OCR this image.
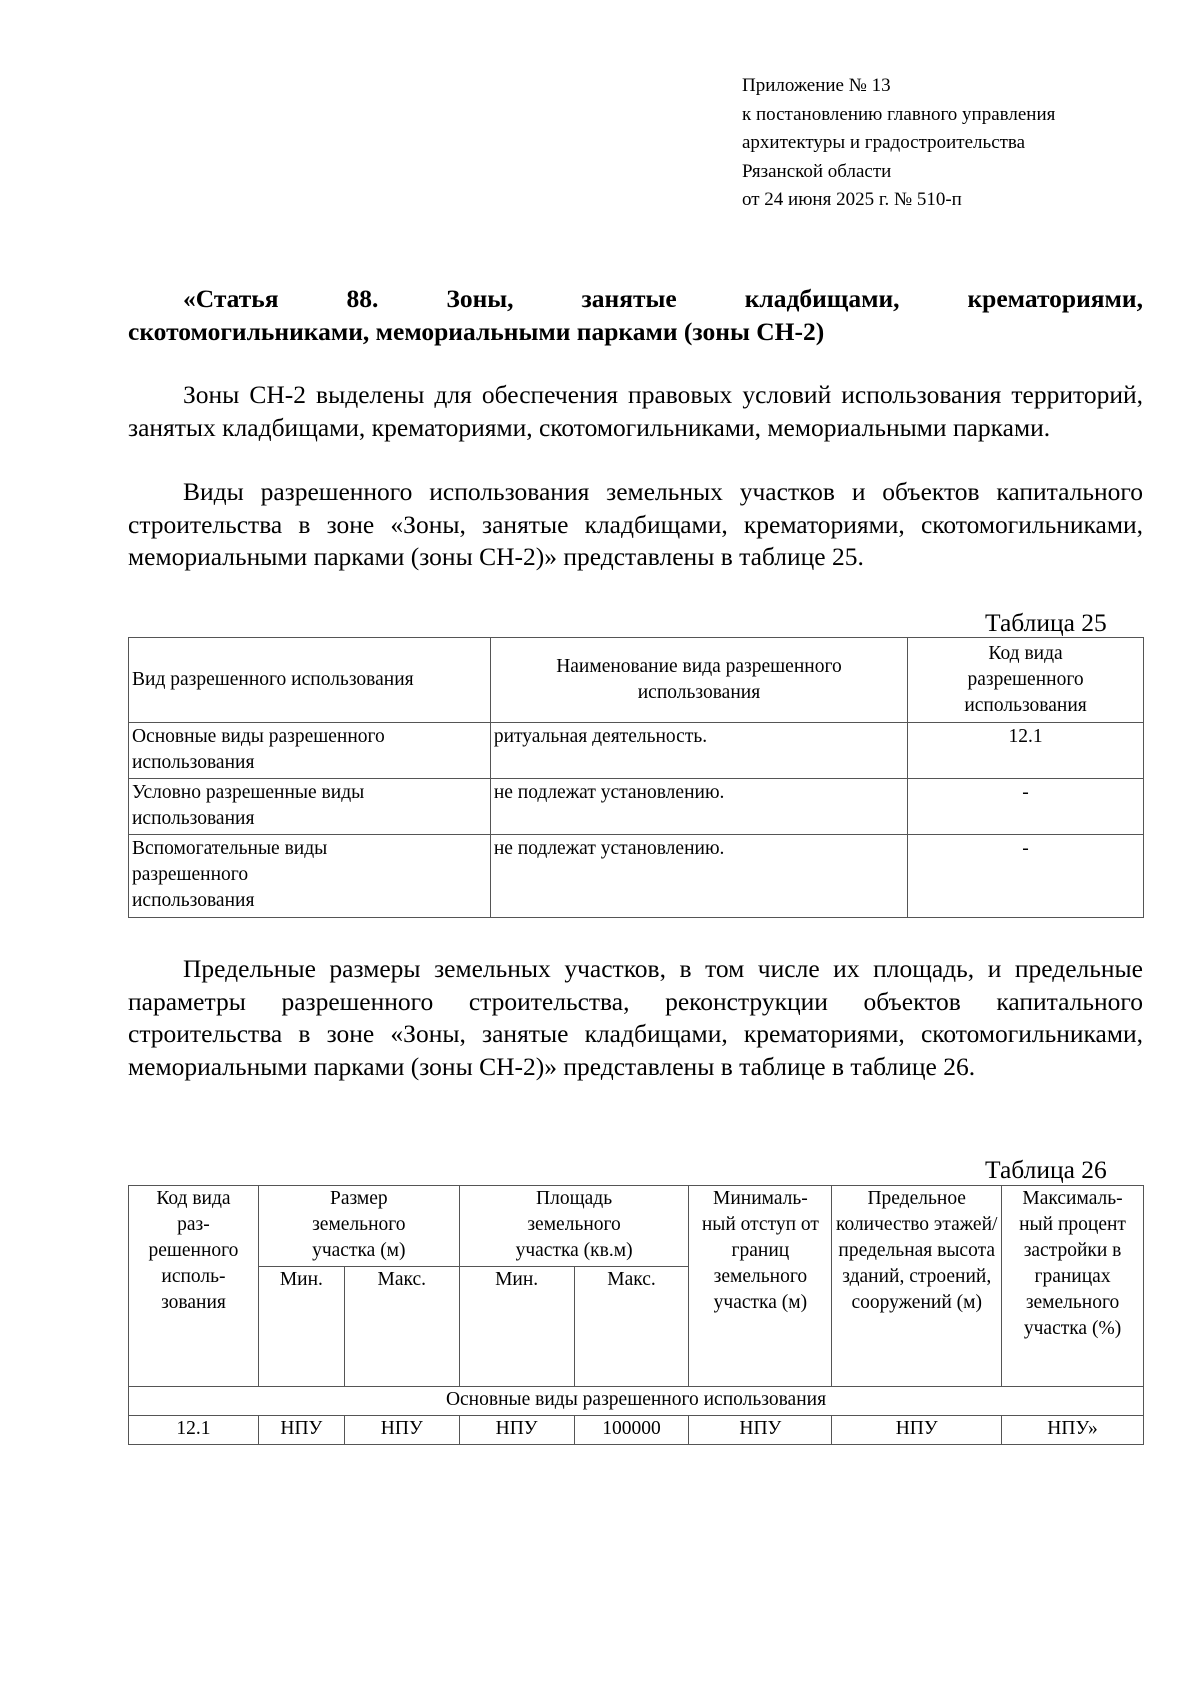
Приложение № 13
к постановлению главного управления
архитектуры и градостроительства
Рязанской области
от 24 июня 2025 г. № 510-п
«Статья 88. Зоны, занятые кладбищами, крематориями,
скотомогильниками, мемориальными парками (зоны СН-2)
Зоны СН-2 выделены для обеспечения правовых условий использования территорий, занятых кладбищами, крематориями, скотомогильниками, мемориальными парками.
Виды разрешенного использования земельных участков и объектов капитального строительства в зоне «Зоны, занятые кладбищами, крематориями, скотомогильниками, мемориальными парками (зоны СН-2)» представлены в таблице 25.
Таблица 25
Вид разрешенного использования	Наименование вида разрешенного использования	Код вида разрешенного использования
Основные виды разрешенного использования	ритуальная деятельность.	12.1
Условно разрешенные виды использования	не подлежат установлению.	-
Вспомогательные виды разрешенного использования	не подлежат установлению.	-
Предельные размеры земельных участков, в том числе их площадь, и предельные параметры разрешенного строительства, реконструкции объектов капитального строительства в зоне «Зоны, занятые кладбищами, крематориями, скотомогильниками, мемориальными парками (зоны СН-2)» представлены в таблице в таблице 26.
Таблица 26
Код вида раз-решенного исполь-зования	Размер земельного участка (м)		Площадь земельного участка (кв.м)		Минималь-ный отступ от границ земельного участка (м)	Предельное количество этажей/ предельная высота зданий, строений, сооружений (м)	Максималь-ный процент застройки в границах земельного участка (%)
	Мин.	Макс.	Мин.	Макс.			
Основные виды разрешенного использования							
12.1	НПУ	НПУ	НПУ	100000	НПУ	НПУ	НПУ»
